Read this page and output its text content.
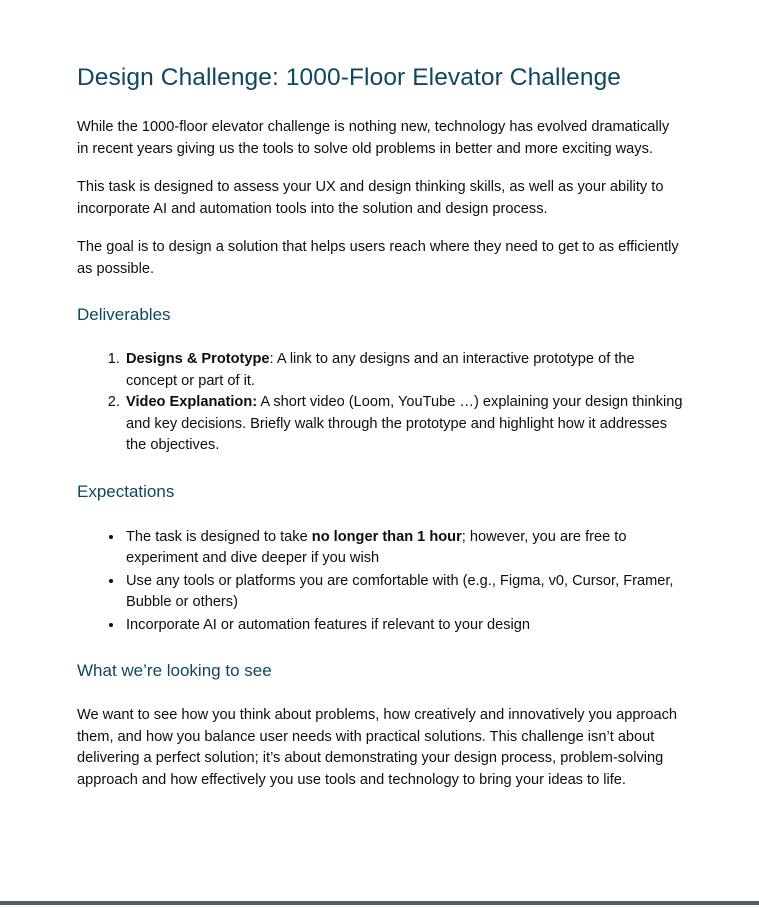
Design Challenge: 1000-Floor Elevator Challenge

While the 1000-floor elevator challenge is nothing new, technology has evolved dramatically in recent years giving us the tools to solve old problems in better and more exciting ways.

This task is designed to assess your UX and design thinking skills, as well as your ability to incorporate AI and automation tools into the solution and design process.

The goal is to design a solution that helps users reach where they need to get to as efficiently as possible.

Deliverables
1. Designs & Prototype: A link to any designs and an interactive prototype of the concept or part of it.
2. Video Explanation: A short video (Loom, YouTube …) explaining your design thinking and key decisions. Briefly walk through the prototype and highlight how it addresses the objectives.
Expectations
• The task is designed to take no longer than 1 hour; however, you are free to experiment and dive deeper if you wish
• Use any tools or platforms you are comfortable with (e.g., Figma, v0, Cursor, Framer, Bubble or others)
• Incorporate AI or automation features if relevant to your design
What we’re looking to see

We want to see how you think about problems, how creatively and innovatively you approach them, and how you balance user needs with practical solutions. This challenge isn’t about delivering a perfect solution; it’s about demonstrating your design process, problem-solving approach and how effectively you use tools and technology to bring your ideas to life.
